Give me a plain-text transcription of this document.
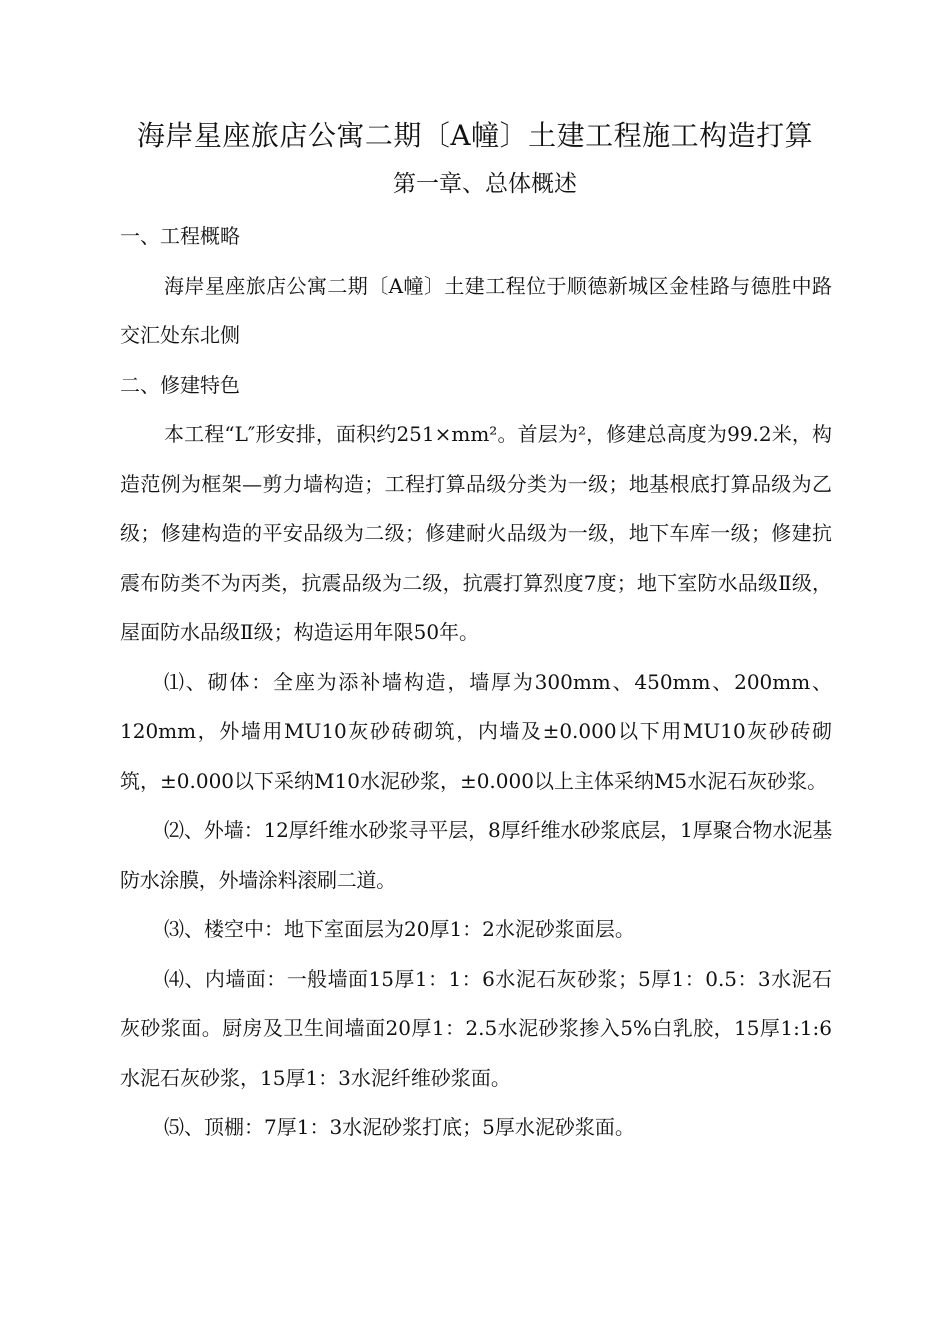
海岸星座旅店公寓二期〔A幢〕土建工程施工构造打算
第一章、总体概述

一、工程概略

海岸星座旅店公寓二期〔A幢〕土建工程位于顺德新城区金桂路与德胜中路交汇处东北侧

二、修建特色

本工程“L″形安排，面积约251×mm²。首层为²，修建总高度为99.2米，构造范例为框架—剪力墙构造；工程打算品级分类为一级；地基根底打算品级为乙级；修建构造的平安品级为二级；修建耐火品级为一级，地下车库一级；修建抗震布防类不为丙类，抗震品级为二级，抗震打算烈度7度；地下室防水品级Ⅱ级，屋面防水品级Ⅱ级；构造运用年限50年。

⑴、砌体：全座为添补墙构造，墙厚为300mm、450mm、200mm、120mm，外墙用MU10灰砂砖砌筑，内墙及±0.000以下用MU10灰砂砖砌筑，±0.000以下采纳M10水泥砂浆，±0.000以上主体采纳M5水泥石灰砂浆。

⑵、外墙：12厚纤维水砂浆寻平层，8厚纤维水砂浆底层，1厚聚合物水泥基防水涂膜，外墙涂料滚刷二道。

⑶、楼空中：地下室面层为20厚1：2水泥砂浆面层。

⑷、内墙面：一般墙面15厚1：1：6水泥石灰砂浆；5厚1：0.5：3水泥石灰砂浆面。厨房及卫生间墙面20厚1：2.5水泥砂浆掺入5%白乳胶，15厚1:1:6水泥石灰砂浆，15厚1：3水泥纤维砂浆面。

⑸、顶棚：7厚1：3水泥砂浆打底；5厚水泥砂浆面。
